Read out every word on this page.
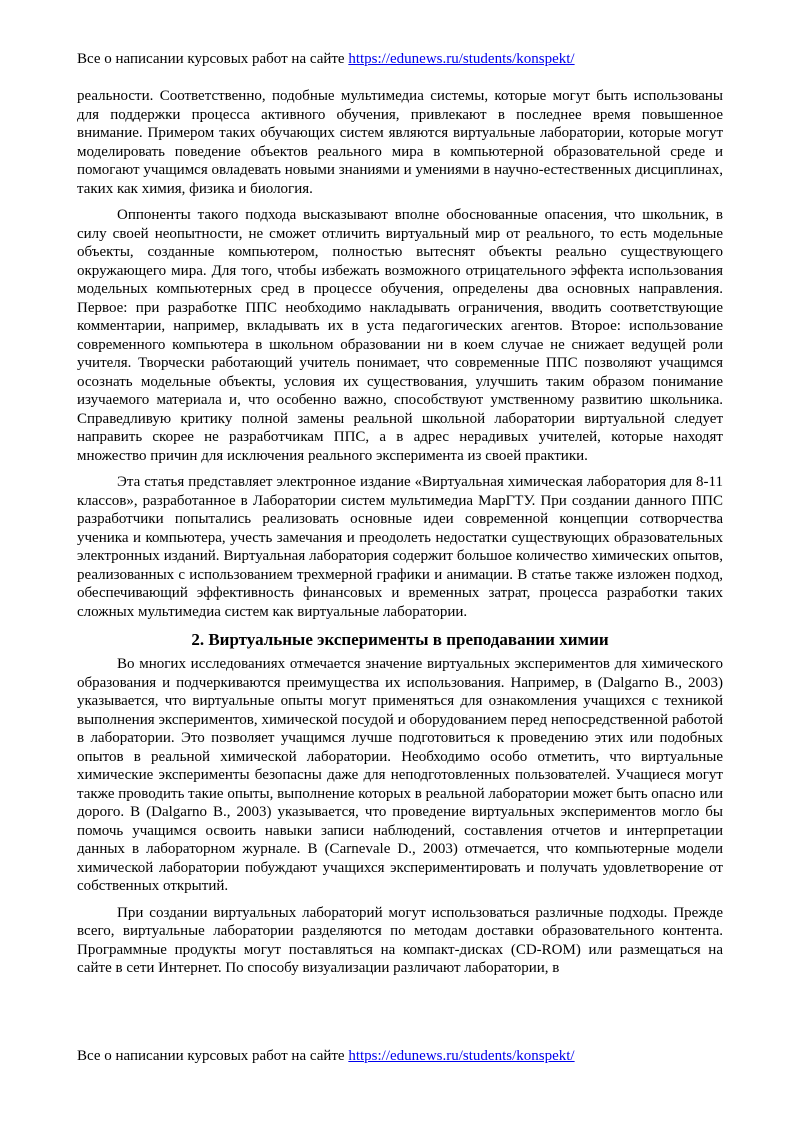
Все о написании курсовых работ на сайте https://edunews.ru/students/konspekt/

реальности. Соответственно, подобные мультимедиа системы, которые могут быть использованы для поддержки процесса активного обучения, привлекают в последнее время повышенное внимание. Примером таких обучающих систем являются виртуальные лаборатории, которые могут моделировать поведение объектов реального мира в компьютерной образовательной среде и помогают учащимся овладевать новыми знаниями и умениями в научно-естественных дисциплинах, таких как химия, физика и биология.

Оппоненты такого подхода высказывают вполне обоснованные опасения, что школьник, в силу своей неопытности, не сможет отличить виртуальный мир от реального, то есть модельные объекты, созданные компьютером, полностью вытеснят объекты реально существующего окружающего мира. Для того, чтобы избежать возможного отрицательного эффекта использования модельных компьютерных сред в процессе обучения, определены два основных направления. Первое: при разработке ППС необходимо накладывать ограничения, вводить соответствующие комментарии, например, вкладывать их в уста педагогических агентов. Второе: использование современного компьютера в школьном образовании ни в коем случае не снижает ведущей роли учителя. Творчески работающий учитель понимает, что современные ППС позволяют учащимся осознать модельные объекты, условия их существования, улучшить таким образом понимание изучаемого материала и, что особенно важно, способствуют умственному развитию школьника. Справедливую критику полной замены реальной школьной лаборатории виртуальной следует направить скорее не разработчикам ППС, а в адрес нерадивых учителей, которые находят множество причин для исключения реального эксперимента из своей практики.

Эта статья представляет электронное издание «Виртуальная химическая лаборатория для 8-11 классов», разработанное в Лаборатории систем мультимедиа МарГТУ. При создании данного ППС разработчики попытались реализовать основные идеи современной концепции сотворчества ученика и компьютера, учесть замечания и преодолеть недостатки существующих образовательных электронных изданий. Виртуальная лаборатория содержит большое количество химических опытов, реализованных с использованием трехмерной графики и анимации. В статье также изложен подход, обеспечивающий эффективность финансовых и временных затрат, процесса разработки таких сложных мультимедиа систем как виртуальные лаборатории.

2. Виртуальные эксперименты в преподавании химии

Во многих исследованиях отмечается значение виртуальных экспериментов для химического образования и подчеркиваются преимущества их использования. Например, в (Dalgarno B., 2003) указывается, что виртуальные опыты могут применяться для ознакомления учащихся с техникой выполнения экспериментов, химической посудой и оборудованием перед непосредственной работой в лаборатории. Это позволяет учащимся лучше подготовиться к проведению этих или подобных опытов в реальной химической лаборатории. Необходимо особо отметить, что виртуальные химические эксперименты безопасны даже для неподготовленных пользователей. Учащиеся могут также проводить такие опыты, выполнение которых в реальной лаборатории может быть опасно или дорого. В (Dalgarno B., 2003) указывается, что проведение виртуальных экспериментов могло бы помочь учащимся освоить навыки записи наблюдений, составления отчетов и интерпретации данных в лабораторном журнале. В (Carnevale D., 2003) отмечается, что компьютерные модели химической лаборатории побуждают учащихся экспериментировать и получать удовлетворение от собственных открытий.

При создании виртуальных лабораторий могут использоваться различные подходы. Прежде всего, виртуальные лаборатории разделяются по методам доставки образовательного контента. Программные продукты могут поставляться на компакт-дисках (CD-ROM) или размещаться на сайте в сети Интернет. По способу визуализации различают лаборатории, в

Все о написании курсовых работ на сайте https://edunews.ru/students/konspekt/
